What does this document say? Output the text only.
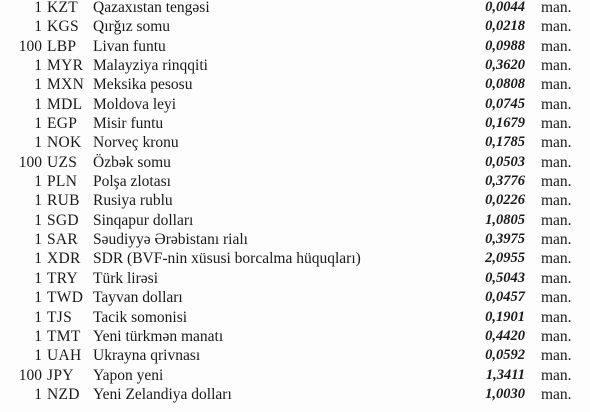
1 KZT Qazaxıstan tengəsi	0,0044 man.
1 KGS Qırğız somu	0,0218 man.
100 LBP	Livan funtu	0,0988 man.
1 MYR Malayziya rinqqiti	0,3620 man.
1 MXN Meksika pesosu	0,0808 man.
1 MDL Moldova leyi	0,0745 man.
1 EGP	Misir funtu	0,1679 man.
1 NOK Norveç kronu	0,1785 man.
100 UZS	Özbək somu	0,0503 man.
1 PLN	Polşa zlotası	0,3776 man.
1 RUB Rusiya rublu	0,0226 man.
1 SGD Sinqapur dolları	1,0805 man.
1 SAR Səudiyyə Ərəbistanı rialı	0,3975 man.
1 XDR SDR (BVF-nin xüsusi borcalma hüquqları)	2,0955 man.
1 TRY Türk lirəsi	0,5043 man.
1 TWD Tayvan dolları	0,0457 man.
1 TJS	Tacik somonisi	0,1901 man.
1 TMT Yeni türkmən manatı	0,4420 man.
1 UAH Ukrayna qrivnası	0,0592 man.
100 JPY	Yapon yeni	1,3411 man.
1 NZD Yeni Zelandiya dolları	1,0030 man.
